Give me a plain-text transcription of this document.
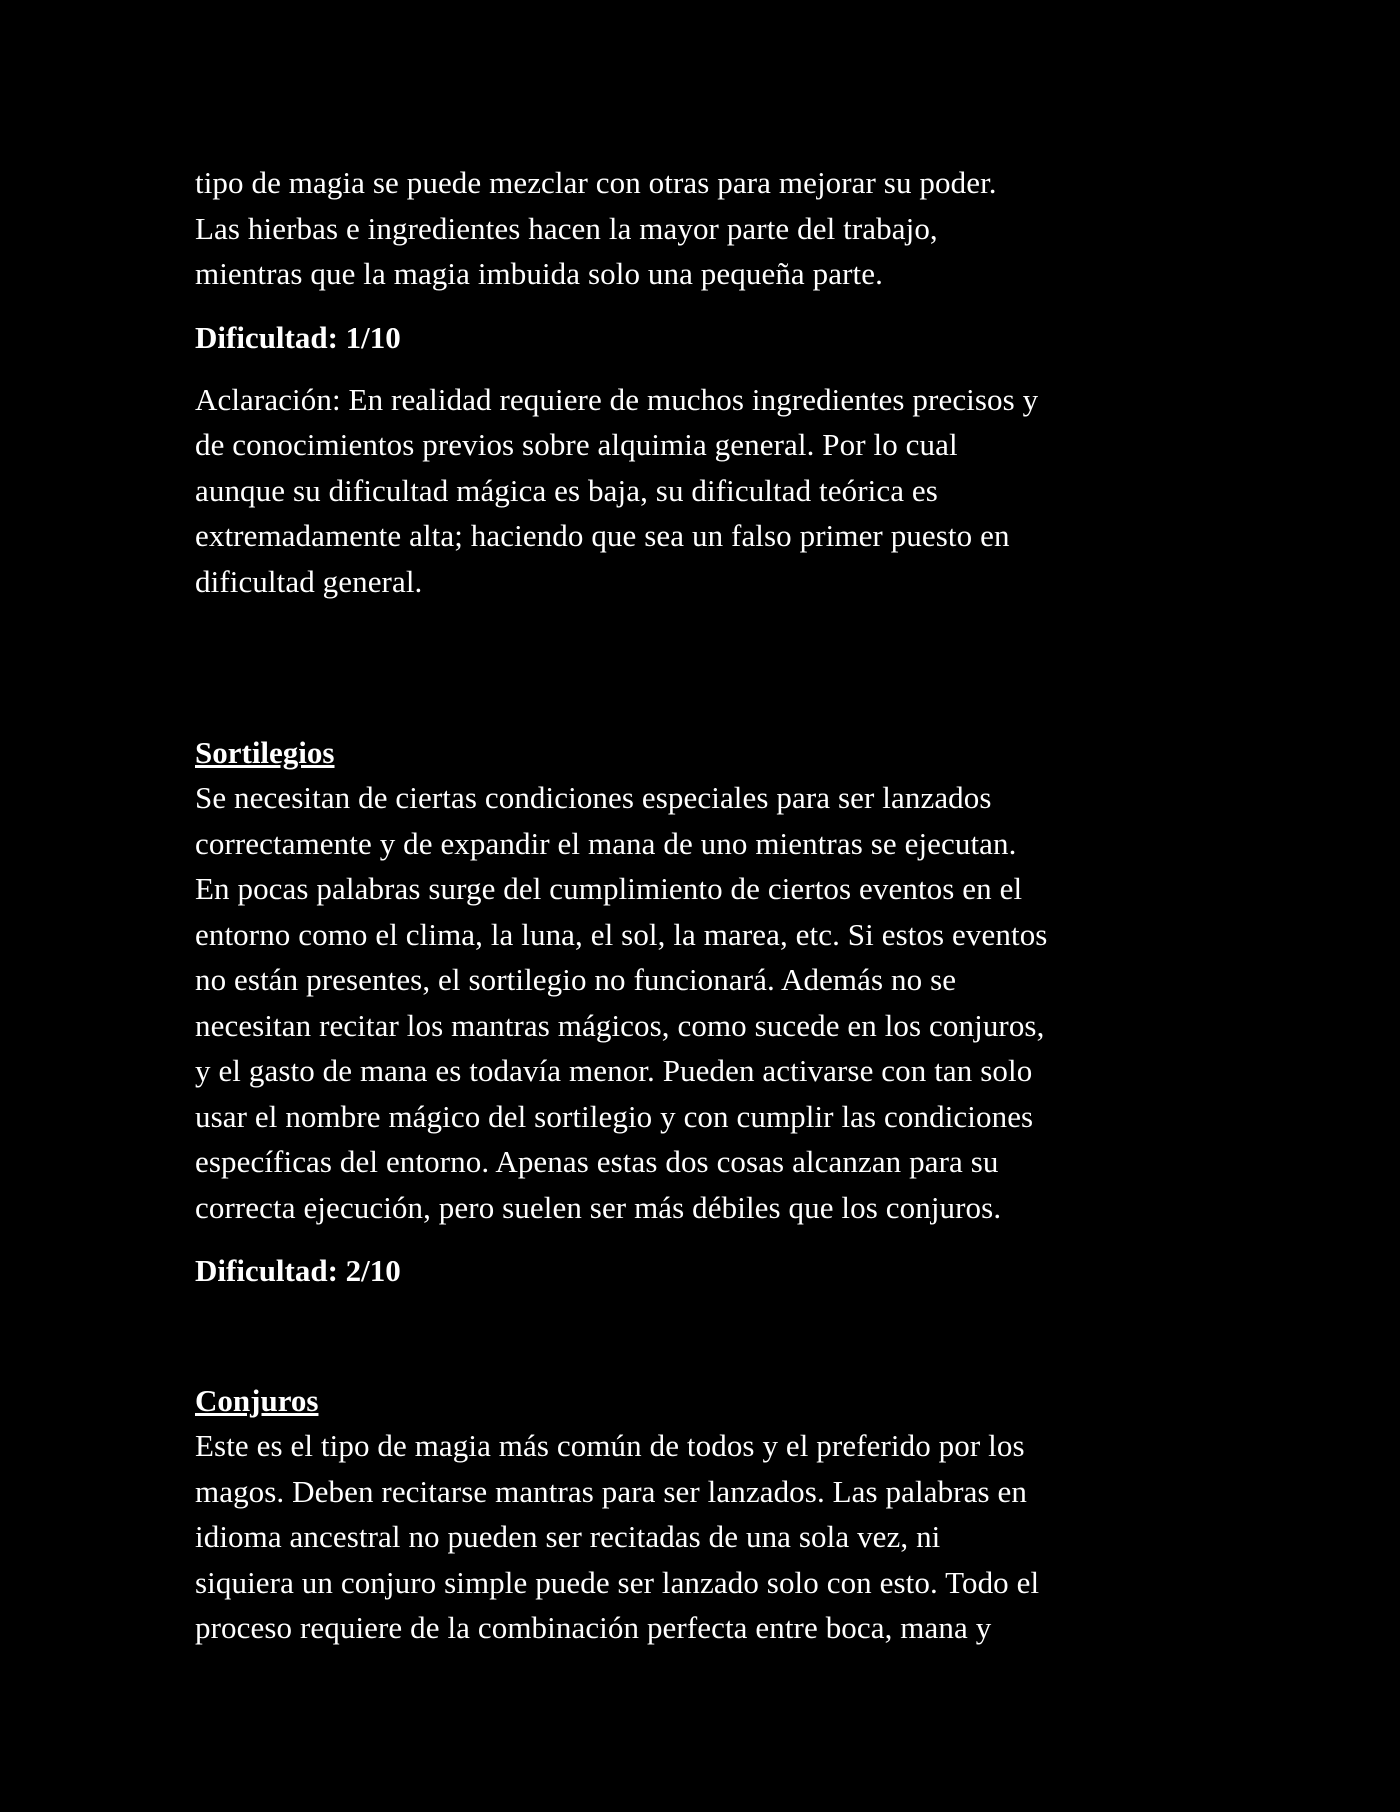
tipo de magia se puede mezclar con otras para mejorar su poder.
Las hierbas e ingredientes hacen la mayor parte del trabajo,
mientras que la magia imbuida solo una pequeña parte.
Dificultad: 1/10
Aclaración: En realidad requiere de muchos ingredientes precisos y
de conocimientos previos sobre alquimia general. Por lo cual
aunque su dificultad mágica es baja, su dificultad teórica es
extremadamente alta; haciendo que sea un falso primer puesto en
dificultad general.
Sortilegios
Se necesitan de ciertas condiciones especiales para ser lanzados
correctamente y de expandir el mana de uno mientras se ejecutan.
En pocas palabras surge del cumplimiento de ciertos eventos en el
entorno como el clima, la luna, el sol, la marea, etc. Si estos eventos
no están presentes, el sortilegio no funcionará. Además no se
necesitan recitar los mantras mágicos, como sucede en los conjuros,
y el gasto de mana es todavía menor. Pueden activarse con tan solo
usar el nombre mágico del sortilegio y con cumplir las condiciones
específicas del entorno. Apenas estas dos cosas alcanzan para su
correcta ejecución, pero suelen ser más débiles que los conjuros.
Dificultad: 2/10
Conjuros
Este es el tipo de magia más común de todos y el preferido por los
magos. Deben recitarse mantras para ser lanzados. Las palabras en
idioma ancestral no pueden ser recitadas de una sola vez, ni
siquiera un conjuro simple puede ser lanzado solo con esto. Todo el
proceso requiere de la combinación perfecta entre boca, mana y
